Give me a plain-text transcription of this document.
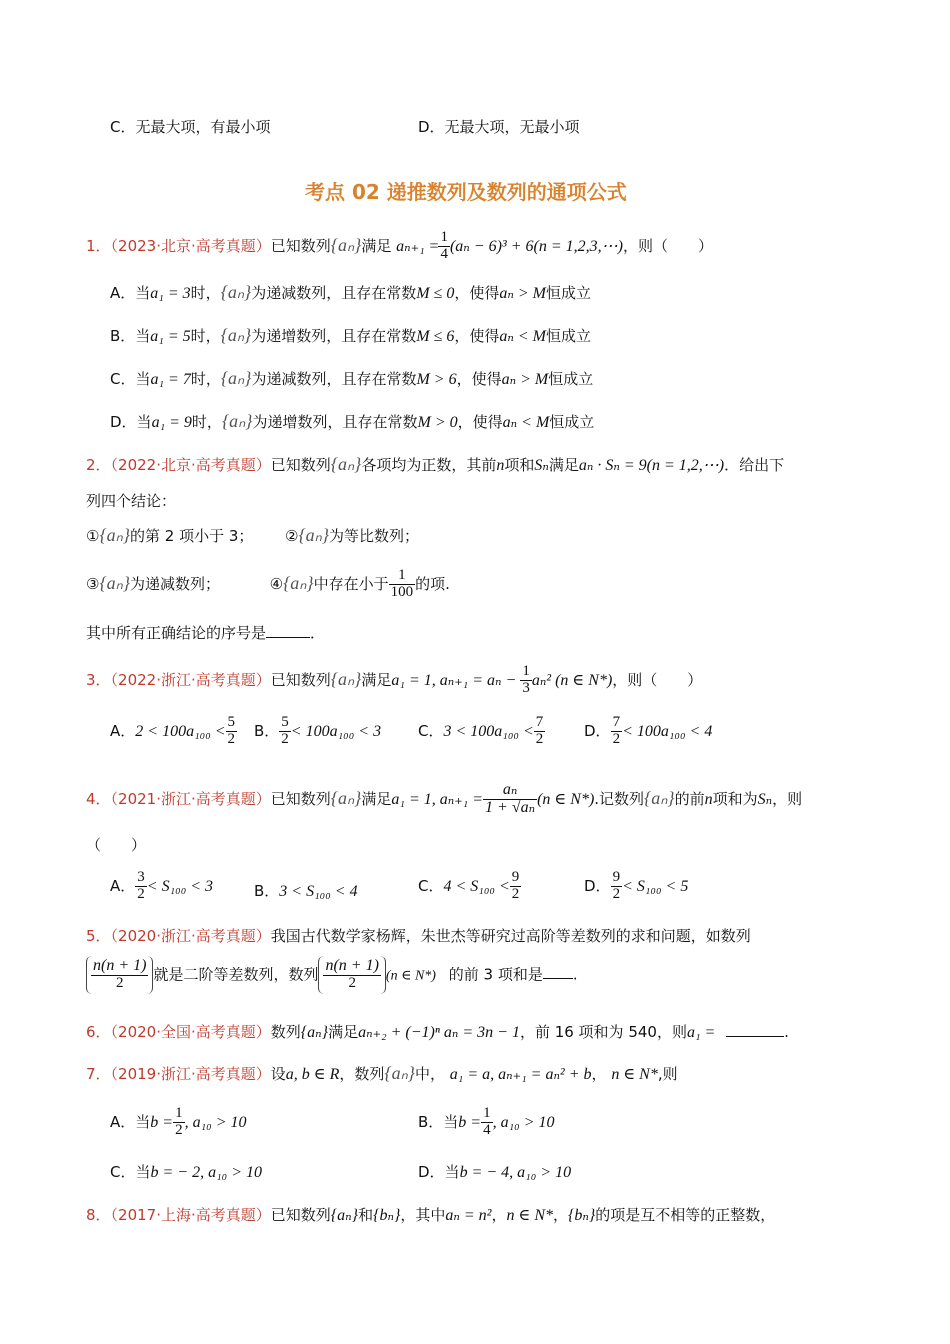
C．无最大项，有最小项	D．无最大项，无最小项
考点 02 递推数列及数列的通项公式
1．（2023·北京·高考真题）已知数列{aₙ}满足 $a_{n+1} = \frac{1}{4} (a_n - 6)^3 + 6(n$ = 1,2,3,⋯)，则（　　）
A．当a₁ = 3时，{aₙ}为递减数列，且存在常数M ≤ 0，使得aₙ > M恒成立
B．当a₁ = 5时，{aₙ}为递增数列，且存在常数M ≤ 6，使得aₙ < M恒成立
C．当a₁ = 7时，{aₙ}为递减数列，且存在常数M > 6，使得aₙ > M恒成立
D．当a₁ = 9时，{aₙ}为递增数列，且存在常数M > 0，使得aₙ < M恒成立
2．（2022·北京·高考真题）已知数列{aₙ}各项均为正数，其前n项和Sₙ满足aₙ · Sₙ = 9(n = 1,2,⋯)．给出下
列四个结论：
①{aₙ}的第 2 项小于 3； ②{aₙ}为等比数列；
③{aₙ}为递减数列；	④{aₙ}中存在小于 $\frac{1}{100}$ 的项.
其中所有正确结论的序号是	．
3．（2022·浙江·高考真题）已知数列{aₙ}满足a₁ = 1, $a_{n+1} = a_n - \frac{1}{3} a_n^2$ (n ∈ N*)，则（　　）
A．$2 < 100a_{100} < \frac{5}{2}$ B． $\frac{5}{2} < 100a_{100} < 3$ C．$3 < 100a_{100} < \frac{7}{2}$	D． $\frac{7}{2} < 100a_{100} < 4$
4．（2021·浙江·高考真题）已知数列{aₙ}满足a₁ = 1, $a_{n+1} = \frac{\text{aₙ}}{\text{1 + √aₙ}} (n$ ∈ N*).记数列{aₙ}的前n项和为Sₙ，则
（　　）
A． $\frac{3}{2} < S_{100} < 3$	B．3 < S₁₀₀ < 4	C．$4 < S_{100} < \frac{9}{2}$	D． $\frac{9}{2} < S_{100} < 5$
5．（2020·浙江·高考真题）我国古代数学家杨辉，朱世杰等研究过高阶等差数列的求和问题，如数列
$\frac{n(n + 1)}{2}$ 就是二阶等差数列，数列 $\frac{n(n + 1)}{2} (n$ ∈ N*) 的前 3 项和是 .
6．（2020·全国·高考真题）数列{aₙ}满足aₙ₊₂ + (−1)ⁿ aₙ = 3n − 1，前 16 项和为 540，则a₁ =	.
7．（2019·浙江·高考真题）设a, b ∈ R，数列{aₙ}中， a₁ = a, aₙ₊₁ = aₙ² + b， n ∈ N*,则
A．当$b = \frac{1}{2}$ , a₁₀ > 10	B．当$b = \frac{1}{4}$ , a₁₀ > 10
C．当b = − 2, a₁₀ > 10	D．当b = − 4, a₁₀ > 10
8．（2017·上海·高考真题）已知数列{aₙ}和{bₙ}，其中aₙ = n²，n ∈ N*，{bₙ}的项是互不相等的正整数，
